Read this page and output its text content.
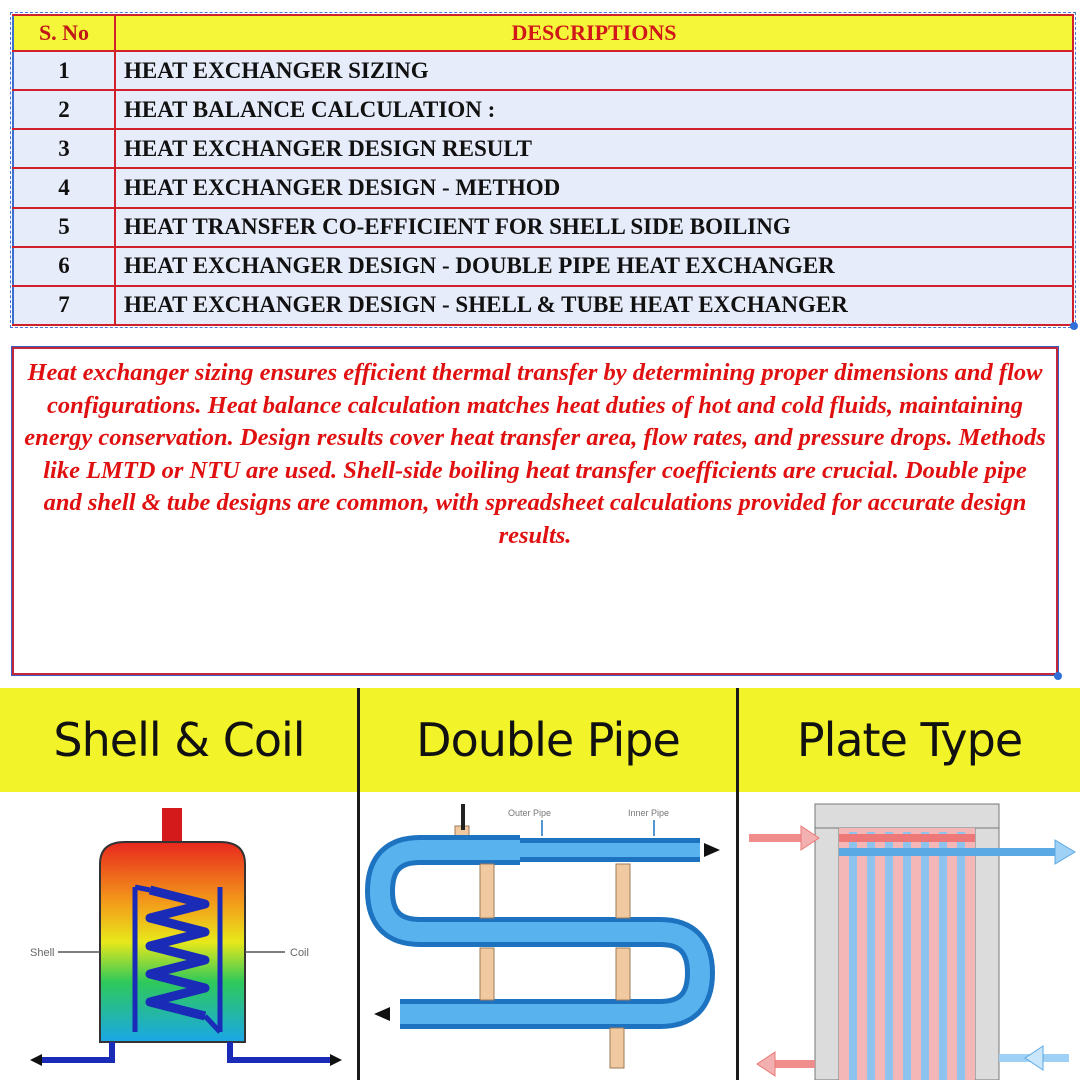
S. No	DESCRIPTIONS
1	HEAT EXCHANGER SIZING
2	HEAT BALANCE CALCULATION :
3	HEAT EXCHANGER DESIGN RESULT
4	HEAT EXCHANGER DESIGN - METHOD
5	HEAT TRANSFER CO-EFFICIENT FOR SHELL SIDE BOILING
6	HEAT EXCHANGER DESIGN - DOUBLE PIPE HEAT EXCHANGER
7	HEAT EXCHANGER DESIGN - SHELL & TUBE HEAT EXCHANGER
Heat exchanger sizing ensures efficient thermal transfer by determining proper dimensions and flow configurations. Heat balance calculation matches heat duties of hot and cold fluids, maintaining energy conservation. Design results cover heat transfer area, flow rates, and pressure drops. Methods like LMTD or NTU are used. Shell-side boiling heat transfer coefficients are crucial. Double pipe and shell & tube designs are common, with spreadsheet calculations provided for accurate design results.
Shell & Coil
Shell	Coil
Double Pipe
Outer Pipe	Inner Pipe
Plate Type
